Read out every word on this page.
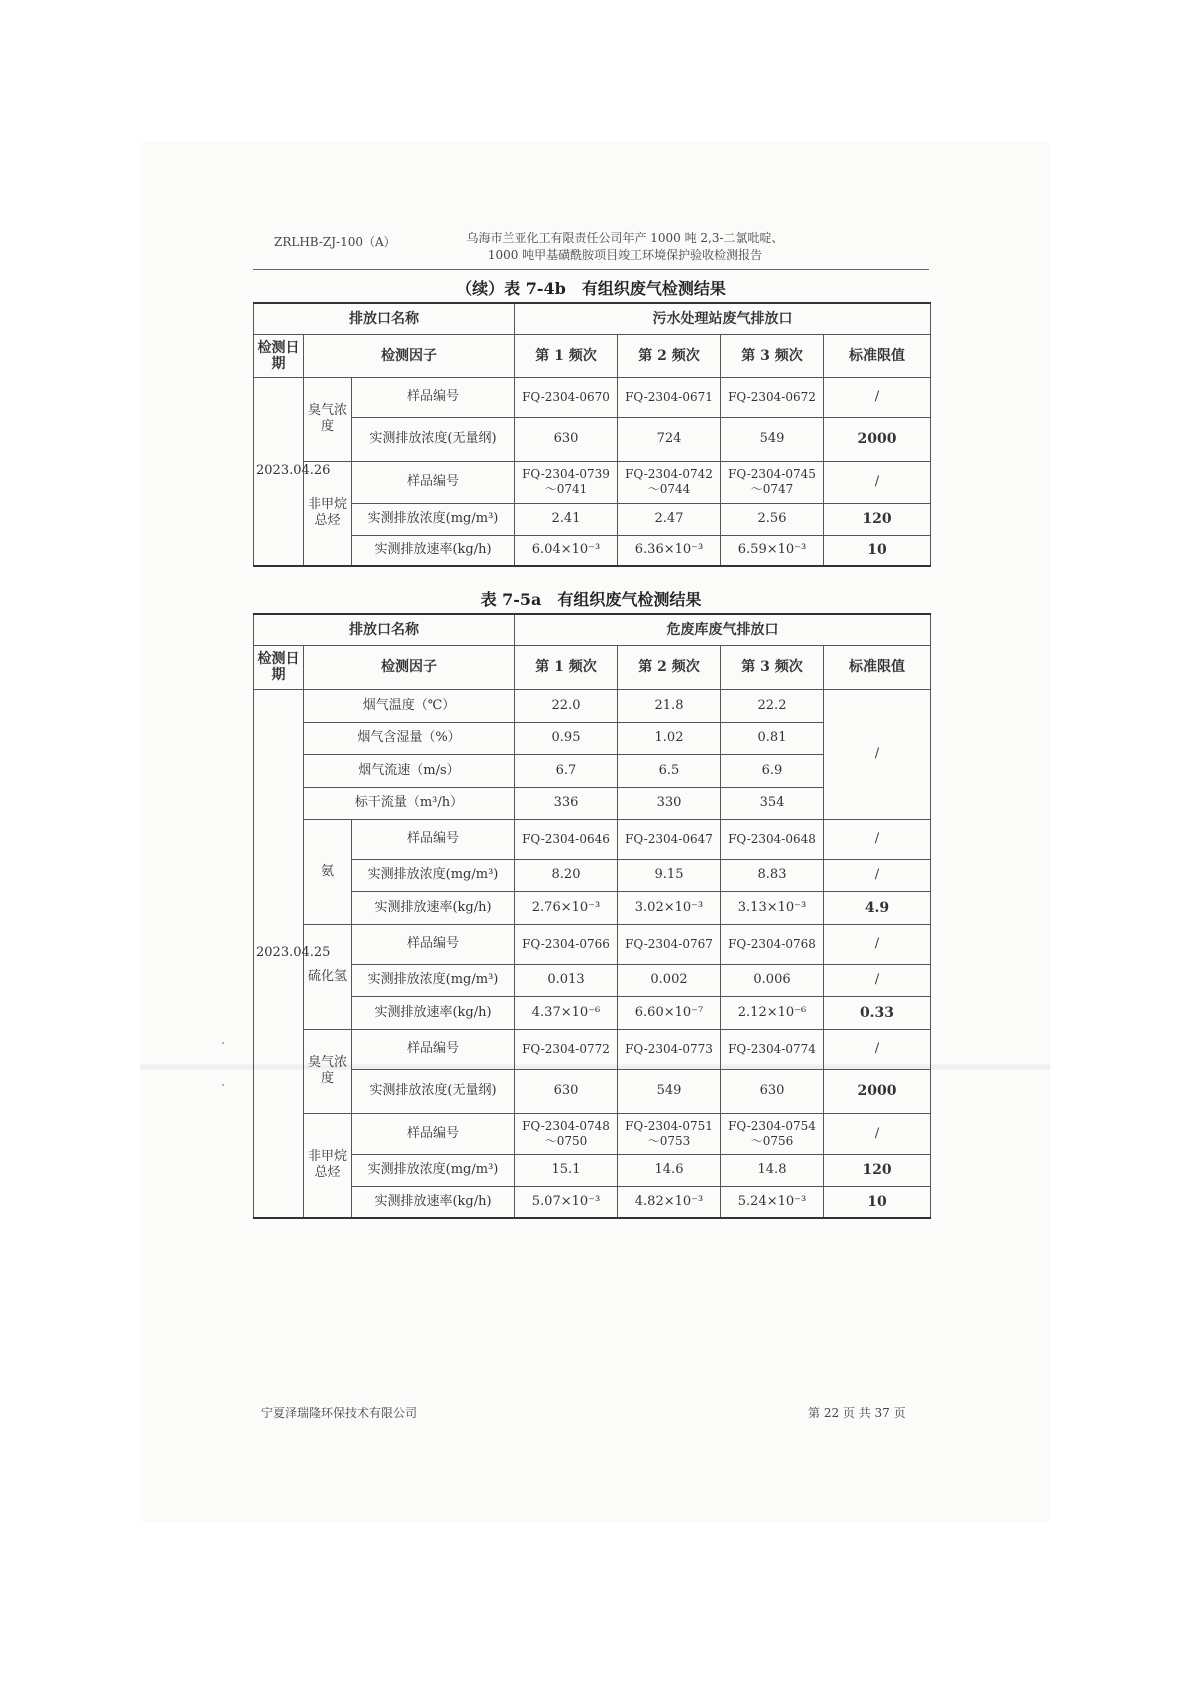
ZRLHB-ZJ-100（A）	乌海市兰亚化工有限责任公司年产 1000 吨 2,3-二氯吡啶、
1000 吨甲基磺酰胺项目竣工环境保护验收检测报告
（续）表 7-4b　有组织废气检测结果
排放口名称			污水处理站废气排放口			
检测日期	检测因子		第 1 频次	第 2 频次	第 3 频次	标准限值
2023.04.26	臭气浓度	样品编号	FQ-2304-0670	FQ-2304-0671	FQ-2304-0672	/
		实测排放浓度(无量纲)	630	724	549	2000
	非甲烷总烃	样品编号	FQ-2304-0739～0741	FQ-2304-0742～0744	FQ-2304-0745～0747	/
		实测排放浓度(mg/m³)	2.41	2.47	2.56	120
		实测排放速率(kg/h)	6.04×10⁻³	6.36×10⁻³	6.59×10⁻³	10
表 7-5a　有组织废气检测结果
排放口名称			危废库废气排放口			
检测日期	检测因子		第 1 频次	第 2 频次	第 3 频次	标准限值
2023.04.25	烟气温度（℃）		22.0	21.8	22.2	/
	烟气含湿量（%）		0.95	1.02	0.81	
	烟气流速（m/s）		6.7	6.5	6.9	
	标干流量（m³/h）		336	330	354	
	氨	样品编号	FQ-2304-0646	FQ-2304-0647	FQ-2304-0648	/
		实测排放浓度(mg/m³)	8.20	9.15	8.83	/
		实测排放速率(kg/h)	2.76×10⁻³	3.02×10⁻³	3.13×10⁻³	4.9
	硫化氢	样品编号	FQ-2304-0766	FQ-2304-0767	FQ-2304-0768	/
		实测排放浓度(mg/m³)	0.013	0.002	0.006	/
		实测排放速率(kg/h)	4.37×10⁻⁶	6.60×10⁻⁷	2.12×10⁻⁶	0.33
	臭气浓度	样品编号	FQ-2304-0772	FQ-2304-0773	FQ-2304-0774	/
		实测排放浓度(无量纲)	630	549	630	2000
	非甲烷总烃	样品编号	FQ-2304-0748～0750	FQ-2304-0751～0753	FQ-2304-0754～0756	/
		实测排放浓度(mg/m³)	15.1	14.6	14.8	120
		实测排放速率(kg/h)	5.07×10⁻³	4.82×10⁻³	5.24×10⁻³	10
宁夏泽瑞隆环保技术有限公司	第 22 页 共 37 页
